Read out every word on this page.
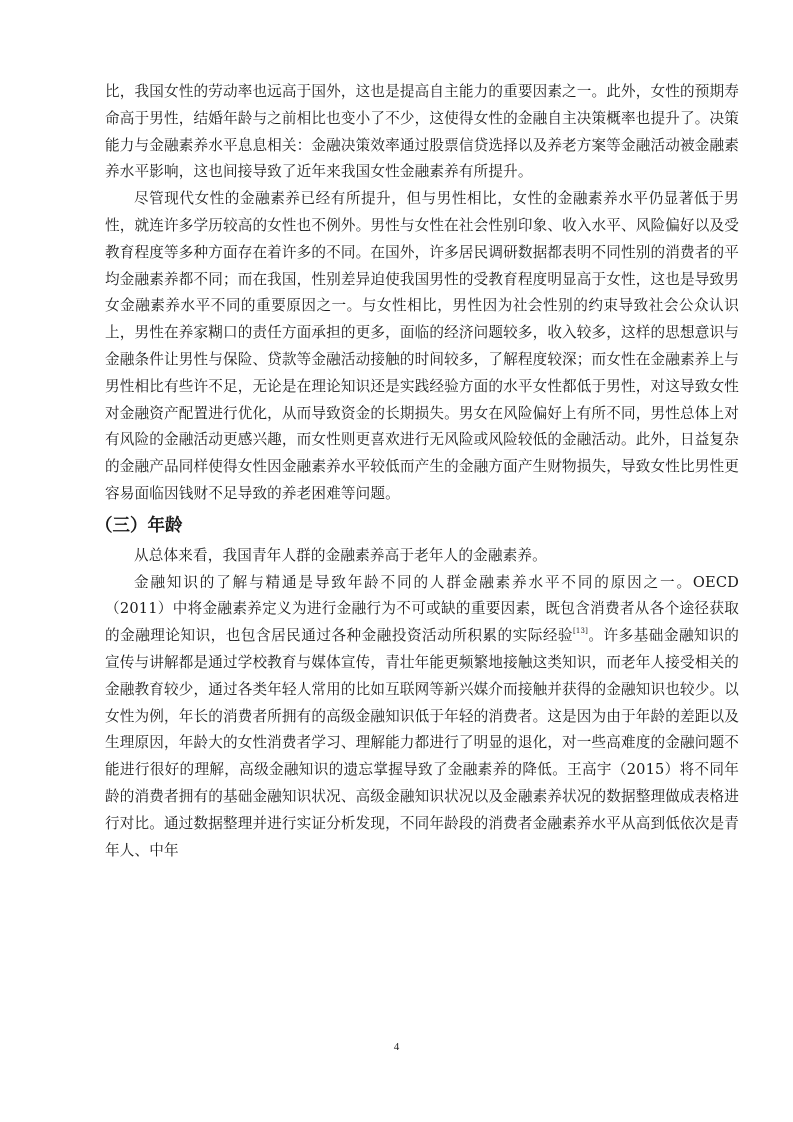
比，我国女性的劳动率也远高于国外，这也是提高自主能力的重要因素之一。此外，女性的预期寿命高于男性，结婚年龄与之前相比也变小了不少，这使得女性的金融自主决策概率也提升了。决策能力与金融素养水平息息相关：金融决策效率通过股票信贷选择以及养老方案等金融活动被金融素养水平影响，这也间接导致了近年来我国女性金融素养有所提升。

尽管现代女性的金融素养已经有所提升，但与男性相比，女性的金融素养水平仍显著低于男性，就连许多学历较高的女性也不例外。男性与女性在社会性别印象、收入水平、风险偏好以及受教育程度等多种方面存在着许多的不同。在国外，许多居民调研数据都表明不同性别的消费者的平均金融素养都不同；而在我国，性别差异迫使我国男性的受教育程度明显高于女性，这也是导致男女金融素养水平不同的重要原因之一。与女性相比，男性因为社会性别的约束导致社会公众认识上，男性在养家糊口的责任方面承担的更多，面临的经济问题较多，收入较多，这样的思想意识与金融条件让男性与保险、贷款等金融活动接触的时间较多，了解程度较深；而女性在金融素养上与男性相比有些许不足，无论是在理论知识还是实践经验方面的水平女性都低于男性，对这导致女性对金融资产配置进行优化，从而导致资金的长期损失。男女在风险偏好上有所不同，男性总体上对有风险的金融活动更感兴趣，而女性则更喜欢进行无风险或风险较低的金融活动。此外，日益复杂的金融产品同样使得女性因金融素养水平较低而产生的金融方面产生财物损失，导致女性比男性更容易面临因钱财不足导致的养老困难等问题。

（三）年龄

从总体来看，我国青年人群的金融素养高于老年人的金融素养。

金融知识的了解与精通是导致年龄不同的人群金融素养水平不同的原因之一。OECD（2011）中将金融素养定义为进行金融行为不可或缺的重要因素，既包含消费者从各个途径获取的金融理论知识，也包含居民通过各种金融投资活动所积累的实际经验[13]。许多基础金融知识的宣传与讲解都是通过学校教育与媒体宣传，青壮年能更频繁地接触这类知识，而老年人接受相关的金融教育较少，通过各类年轻人常用的比如互联网等新兴媒介而接触并获得的金融知识也较少。以女性为例，年长的消费者所拥有的高级金融知识低于年轻的消费者。这是因为由于年龄的差距以及生理原因，年龄大的女性消费者学习、理解能力都进行了明显的退化，对一些高难度的金融问题不能进行很好的理解，高级金融知识的遗忘掌握导致了金融素养的降低。王高宇（2015）将不同年龄的消费者拥有的基础金融知识状况、高级金融知识状况以及金融素养状况的数据整理做成表格进行对比。通过数据整理并进行实证分析发现，不同年龄段的消费者金融素养水平从高到低依次是青年人、中年

4
